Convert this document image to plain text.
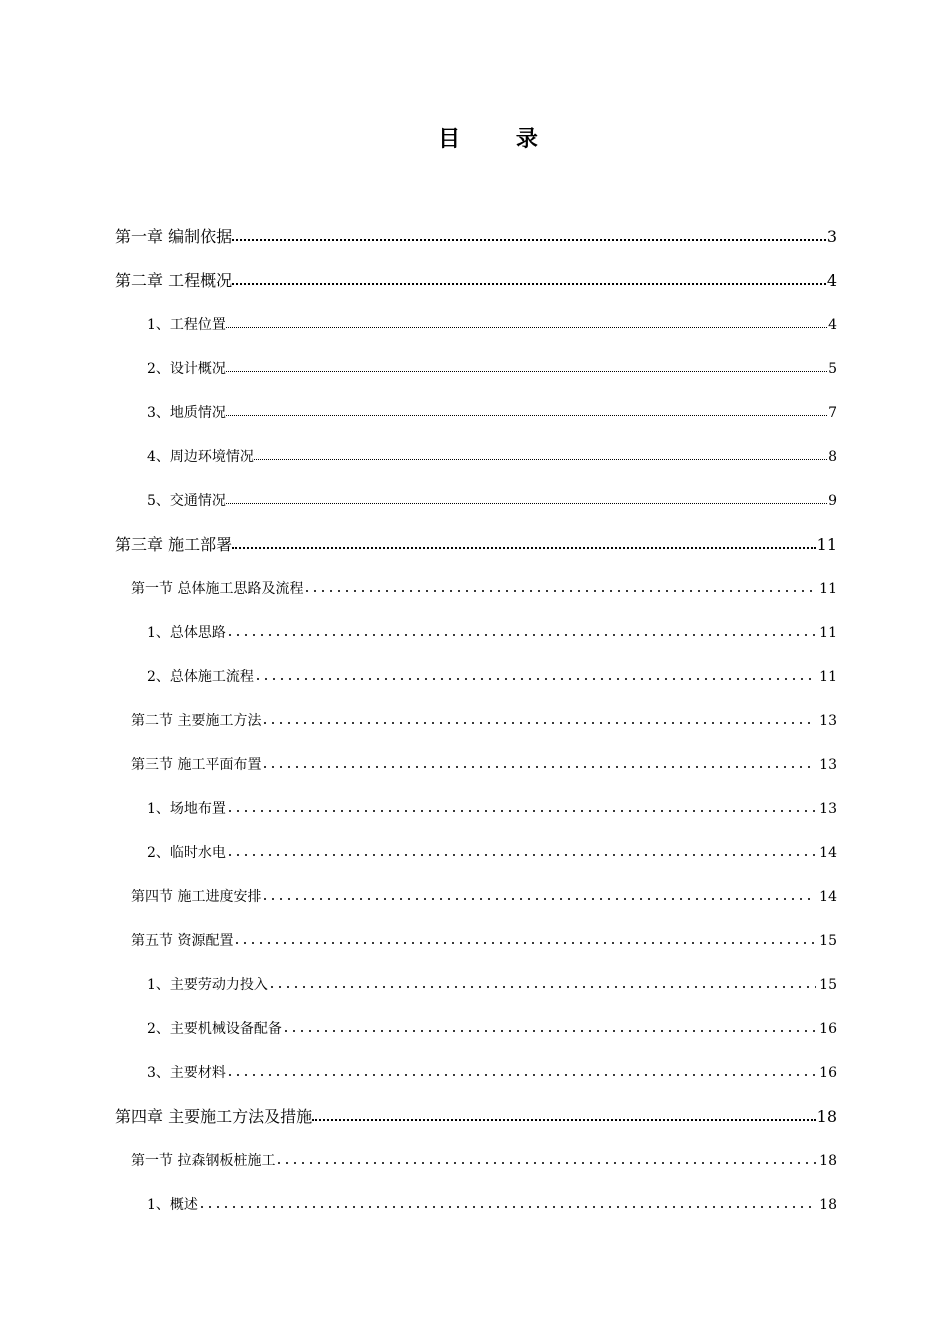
目 录
第一章 编制依据	3
第二章 工程概况	4
1、工程位置	4
2、设计概况	5
3、地质情况	7
4、周边环境情况	8
5、交通情况	9
第三章 施工部署	11
第一节 总体施工思路及流程	11
1、总体思路	11
2、总体施工流程	11
第二节 主要施工方法	13
第三节 施工平面布置	13
1、场地布置	13
2、临时水电	14
第四节 施工进度安排	14
第五节 资源配置	15
1、主要劳动力投入	15
2、主要机械设备配备	16
3、主要材料	16
第四章 主要施工方法及措施	18
第一节 拉森钢板桩施工	18
1、概述	18
